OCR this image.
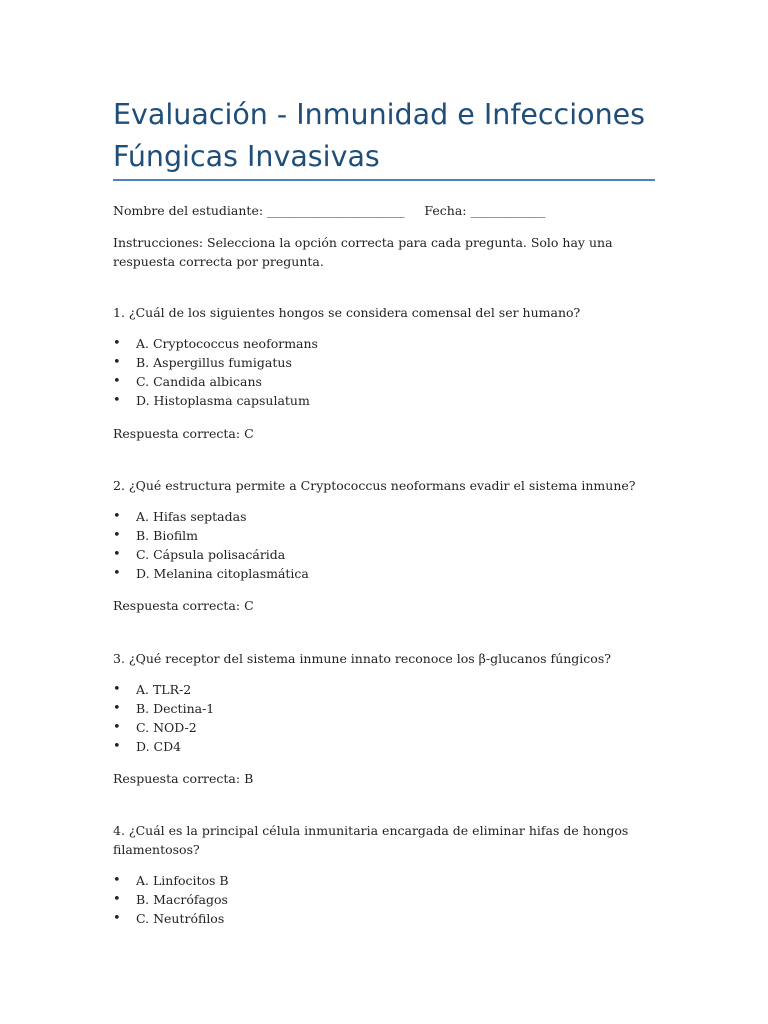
Evaluación - Inmunidad e Infecciones Fúngicas Invasivas

Nombre del estudiante: ______________________     Fecha: ____________

Instrucciones: Selecciona la opción correcta para cada pregunta. Solo hay una respuesta correcta por pregunta.

1. ¿Cuál de los siguientes hongos se considera comensal del ser humano?

• A. Cryptococcus neoformans
• B. Aspergillus fumigatus
• C. Candida albicans
• D. Histoplasma capsulatum

Respuesta correcta: C

2. ¿Qué estructura permite a Cryptococcus neoformans evadir el sistema inmune?

• A. Hifas septadas
• B. Biofilm
• C. Cápsula polisacárida
• D. Melanina citoplasmática

Respuesta correcta: C

3. ¿Qué receptor del sistema inmune innato reconoce los β-glucanos fúngicos?

• A. TLR-2
• B. Dectina-1
• C. NOD-2
• D. CD4

Respuesta correcta: B

4. ¿Cuál es la principal célula inmunitaria encargada de eliminar hifas de hongos filamentosos?

• A. Linfocitos B
• B. Macrófagos
• C. Neutrófilos
